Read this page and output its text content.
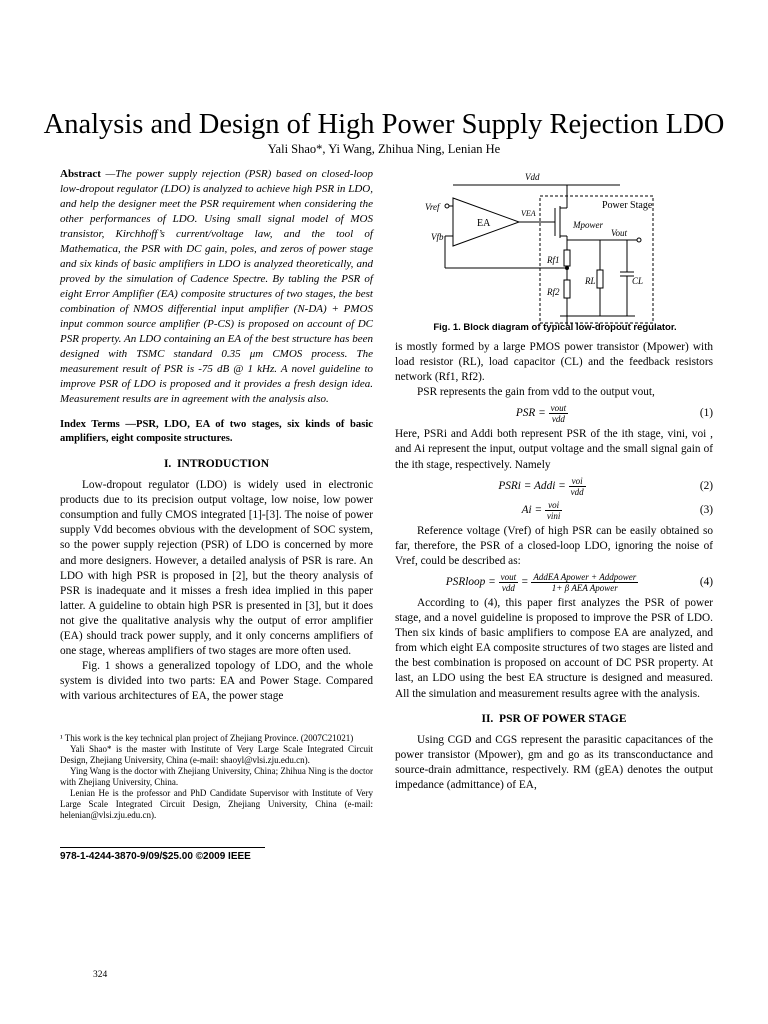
Analysis and Design of High Power Supply Rejection LDO
Yali Shao*, Yi Wang, Zhihua Ning, Lenian He

Abstract —The power supply rejection (PSR) based on closed-loop low-dropout regulator (LDO) is analyzed to achieve high PSR in LDO, and help the designer meet the PSR requirement when considering the other performances of LDO. Using small signal model of MOS transistor, Kirchhoff’s current/voltage law, and the tool of Mathematica, the PSR with DC gain, poles, and zeros of power stage and six kinds of basic amplifiers in LDO is analyzed theoretically, and proved by the simulation of Cadence Spectre. By tabling the PSR of eight Error Amplifier (EA) composite structures of two stages, the best combination of NMOS differential input amplifier (N-DA) + PMOS input common source amplifier (P-CS) is proposed on account of DC PSR property. An LDO containing an EA of the best structure has been designed with TSMC standard 0.35 μm CMOS process. The measurement result of PSR is -75 dB @ 1 kHz. A novel guideline to improve PSR of LDO is proposed and it provides a fresh design idea. Measurement results are in agreement with the analysis also.

Index Terms —PSR, LDO, EA of two stages, six kinds of basic amplifiers, eight composite structures.

I. INTRODUCTION

Low-dropout regulator (LDO) is widely used in electronic products due to its precision output voltage, low noise, low power consumption and fully CMOS integrated [1]-[3]. The noise of power supply Vdd becomes obvious with the development of SOC system, so the power supply rejection (PSR) of LDO is concerned by more and more designers. However, a detailed analysis of PSR is rare. An LDO with high PSR is proposed in [2], but the theory analysis of PSR is inadequate and it misses a fresh idea implied in this paper latter. A guideline to obtain high PSR is presented in [3], but it does not give the qualitative analysis why the output of error amplifier (EA) should track power supply, and it only concerns amplifiers of one stage, whereas amplifiers of two stages are more often used.

Fig. 1 shows a generalized topology of LDO, and the whole system is divided into two parts: EA and Power Stage. Compared with various architectures of EA, the power stage

¹ This work is the key technical plan project of Zhejiang Province. (2007C21021)

Yali Shao* is the master with Institute of Very Large Scale Integrated Circuit Design, Zhejiang University, China (e-mail: shaoyl@vlsi.zju.edu.cn).

Ying Wang is the doctor with Zhejiang University, China; Zhihua Ning is the doctor with Zhejiang University, China.

Lenian He is the professor and PhD Candidate Supervisor with Institute of Very Large Scale Integrated Circuit Design, Zhejiang University, China (e-mail: helenian@vlsi.zju.edu.cn).

978-1-4244-3870-9/09/$25.00 ©2009 IEEE
324
Vdd
Power Stage
EA
Vref
Vfb
VEA
Mpower
Vout
Rf1
Rf2
RL	CL
Fig. 1. Block diagram of typical low-dropout regulator.

is mostly formed by a large PMOS power transistor (Mpower) with load resistor (RL), load capacitor (CL) and the feedback resistors network (Rf1, Rf2).

PSR represents the gain from vdd to the output vout,

PSR = $\frac{\text{vout}}{\text{vdd}}$	(1)

Here, PSRi and Addi both represent PSR of the ith stage, vini, voi , and Ai represent the input, output voltage and the small signal gain of the ith stage, respectively. Namely

PSRi = Addi = $\frac{\text{voi}}{\text{vdd}}$	(2)
$Ai = \frac{\text{voi}}{\text{vini}}$	(3)

Reference voltage (Vref) of high PSR can be easily obtained so far, therefore, the PSR of a closed-loop LDO, ignoring the noise of Vref, could be described as:

PSRloop = $\frac{\text{vout}}{\text{vdd}} = \frac{\text{AddEA Apower + Addpower}}{\text{1+ β AEA Apower}}$	(4)

According to (4), this paper first analyzes the PSR of power stage, and a novel guideline is proposed to improve the PSR of LDO. Then six kinds of basic amplifiers to compose EA are analyzed, and from which eight EA composite structures of two stages are listed and the best combination is proposed on account of DC PSR property. At last, an LDO using the best EA structure is designed and measured. All the simulation and measurement results agree with the analysis.

II. PSR OF POWER STAGE

Using CGD and CGS represent the parasitic capacitances of the power transistor (Mpower), gm and go as its transconductance and source-drain admittance, respectively. RM (gEA) denotes the output impedance (admittance) of EA,
